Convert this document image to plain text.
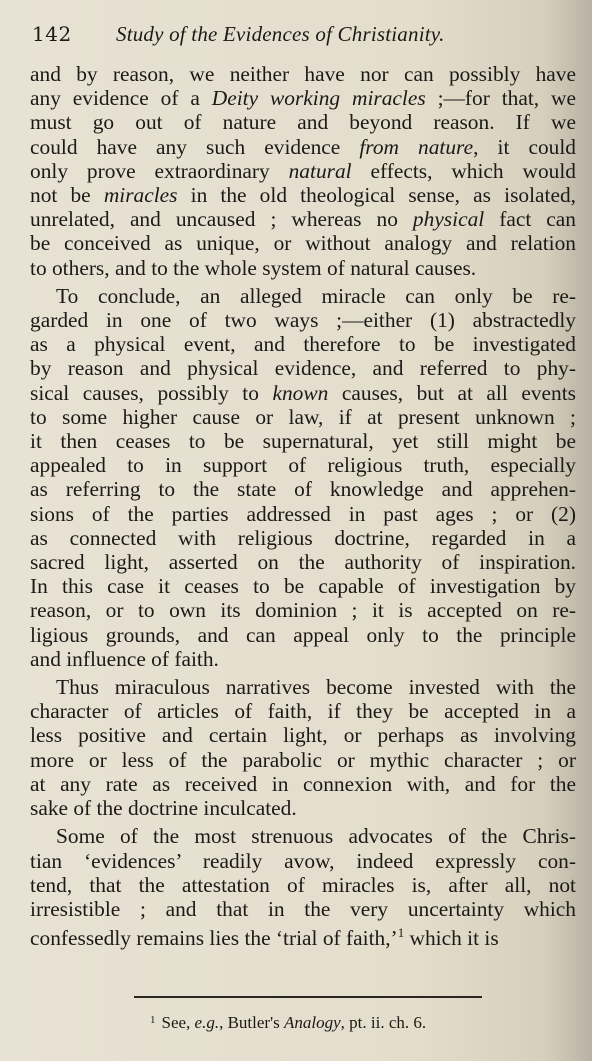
142	Study of the Evidences of Christianity.
and by reason, we neither have nor can possibly have
any evidence of a Deity working miracles ;—for that, we
must go out of nature and beyond reason. If we
could have any such evidence from nature, it could
only prove extraordinary natural effects, which would
not be miracles in the old theological sense, as isolated,
unrelated, and uncaused ; whereas no physical fact can
be conceived as unique, or without analogy and relation
to others, and to the whole system of natural causes.
To conclude, an alleged miracle can only be re-
garded in one of two ways ;—either (1) abstractedly
as a physical event, and therefore to be investigated
by reason and physical evidence, and referred to phy-
sical causes, possibly to known causes, but at all events
to some higher cause or law, if at present unknown ;
it then ceases to be supernatural, yet still might be
appealed to in support of religious truth, especially
as referring to the state of knowledge and apprehen-
sions of the parties addressed in past ages ; or (2)
as connected with religious doctrine, regarded in a
sacred light, asserted on the authority of inspiration.
In this case it ceases to be capable of investigation by
reason, or to own its dominion ; it is accepted on re-
ligious grounds, and can appeal only to the principle
and influence of faith.
Thus miraculous narratives become invested with the
character of articles of faith, if they be accepted in a
less positive and certain light, or perhaps as involving
more or less of the parabolic or mythic character ; or
at any rate as received in connexion with, and for the
sake of the doctrine inculcated.
Some of the most strenuous advocates of the Chris-
tian ‘evidences’ readily avow, indeed expressly con-
tend, that the attestation of miracles is, after all, not
irresistible ; and that in the very uncertainty which
confessedly remains lies the ‘trial of faith,’$^1$ which it is
$^1$ See, e.g., Butler's Analogy, pt. ii. ch. 6.
